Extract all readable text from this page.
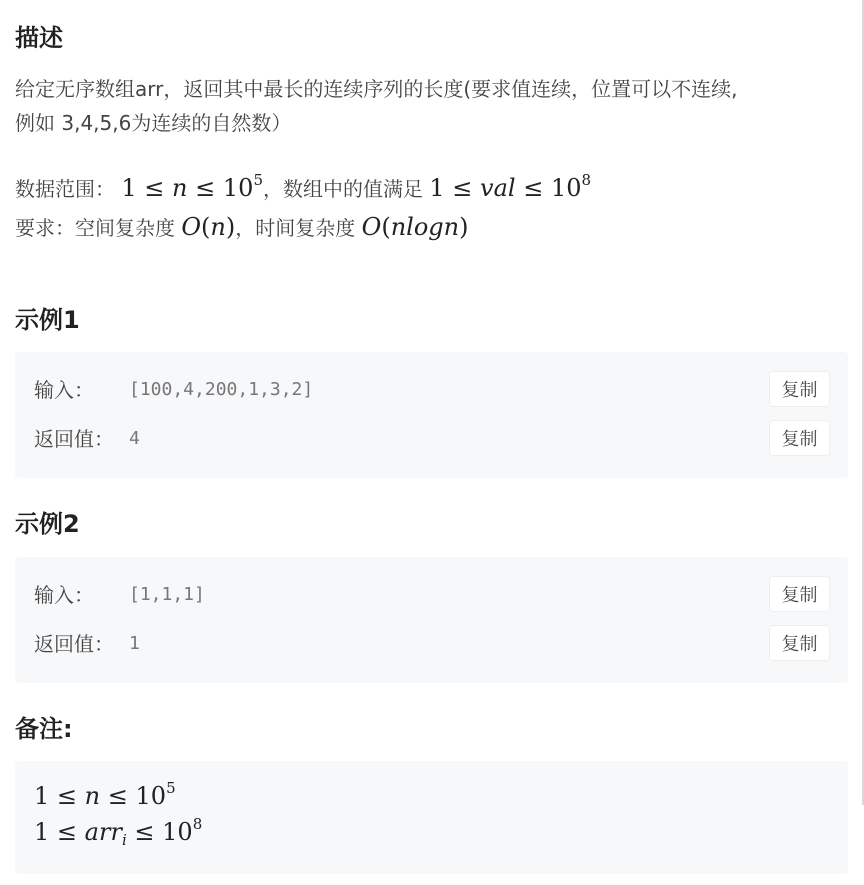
描述

给定无序数组arr，返回其中最长的连续序列的长度(要求值连续，位置可以不连续,

例如 3,4,5,6为连续的自然数）

数据范围： $1 \le n \le 10^5$，数组中的值满足 1 ≤ val ≤ $10^8$

要求：空间复杂度 O(n)，时间复杂度 O(nlogn)

示例1
输入： [100,4,200,1,3,2]	复制
返回值： 4	复制
示例2
输入： [1,1,1]	复制
返回值： 1	复制
备注:
$1 \le n \le 10^5$
$1 \le arr_i \le 10^8$
